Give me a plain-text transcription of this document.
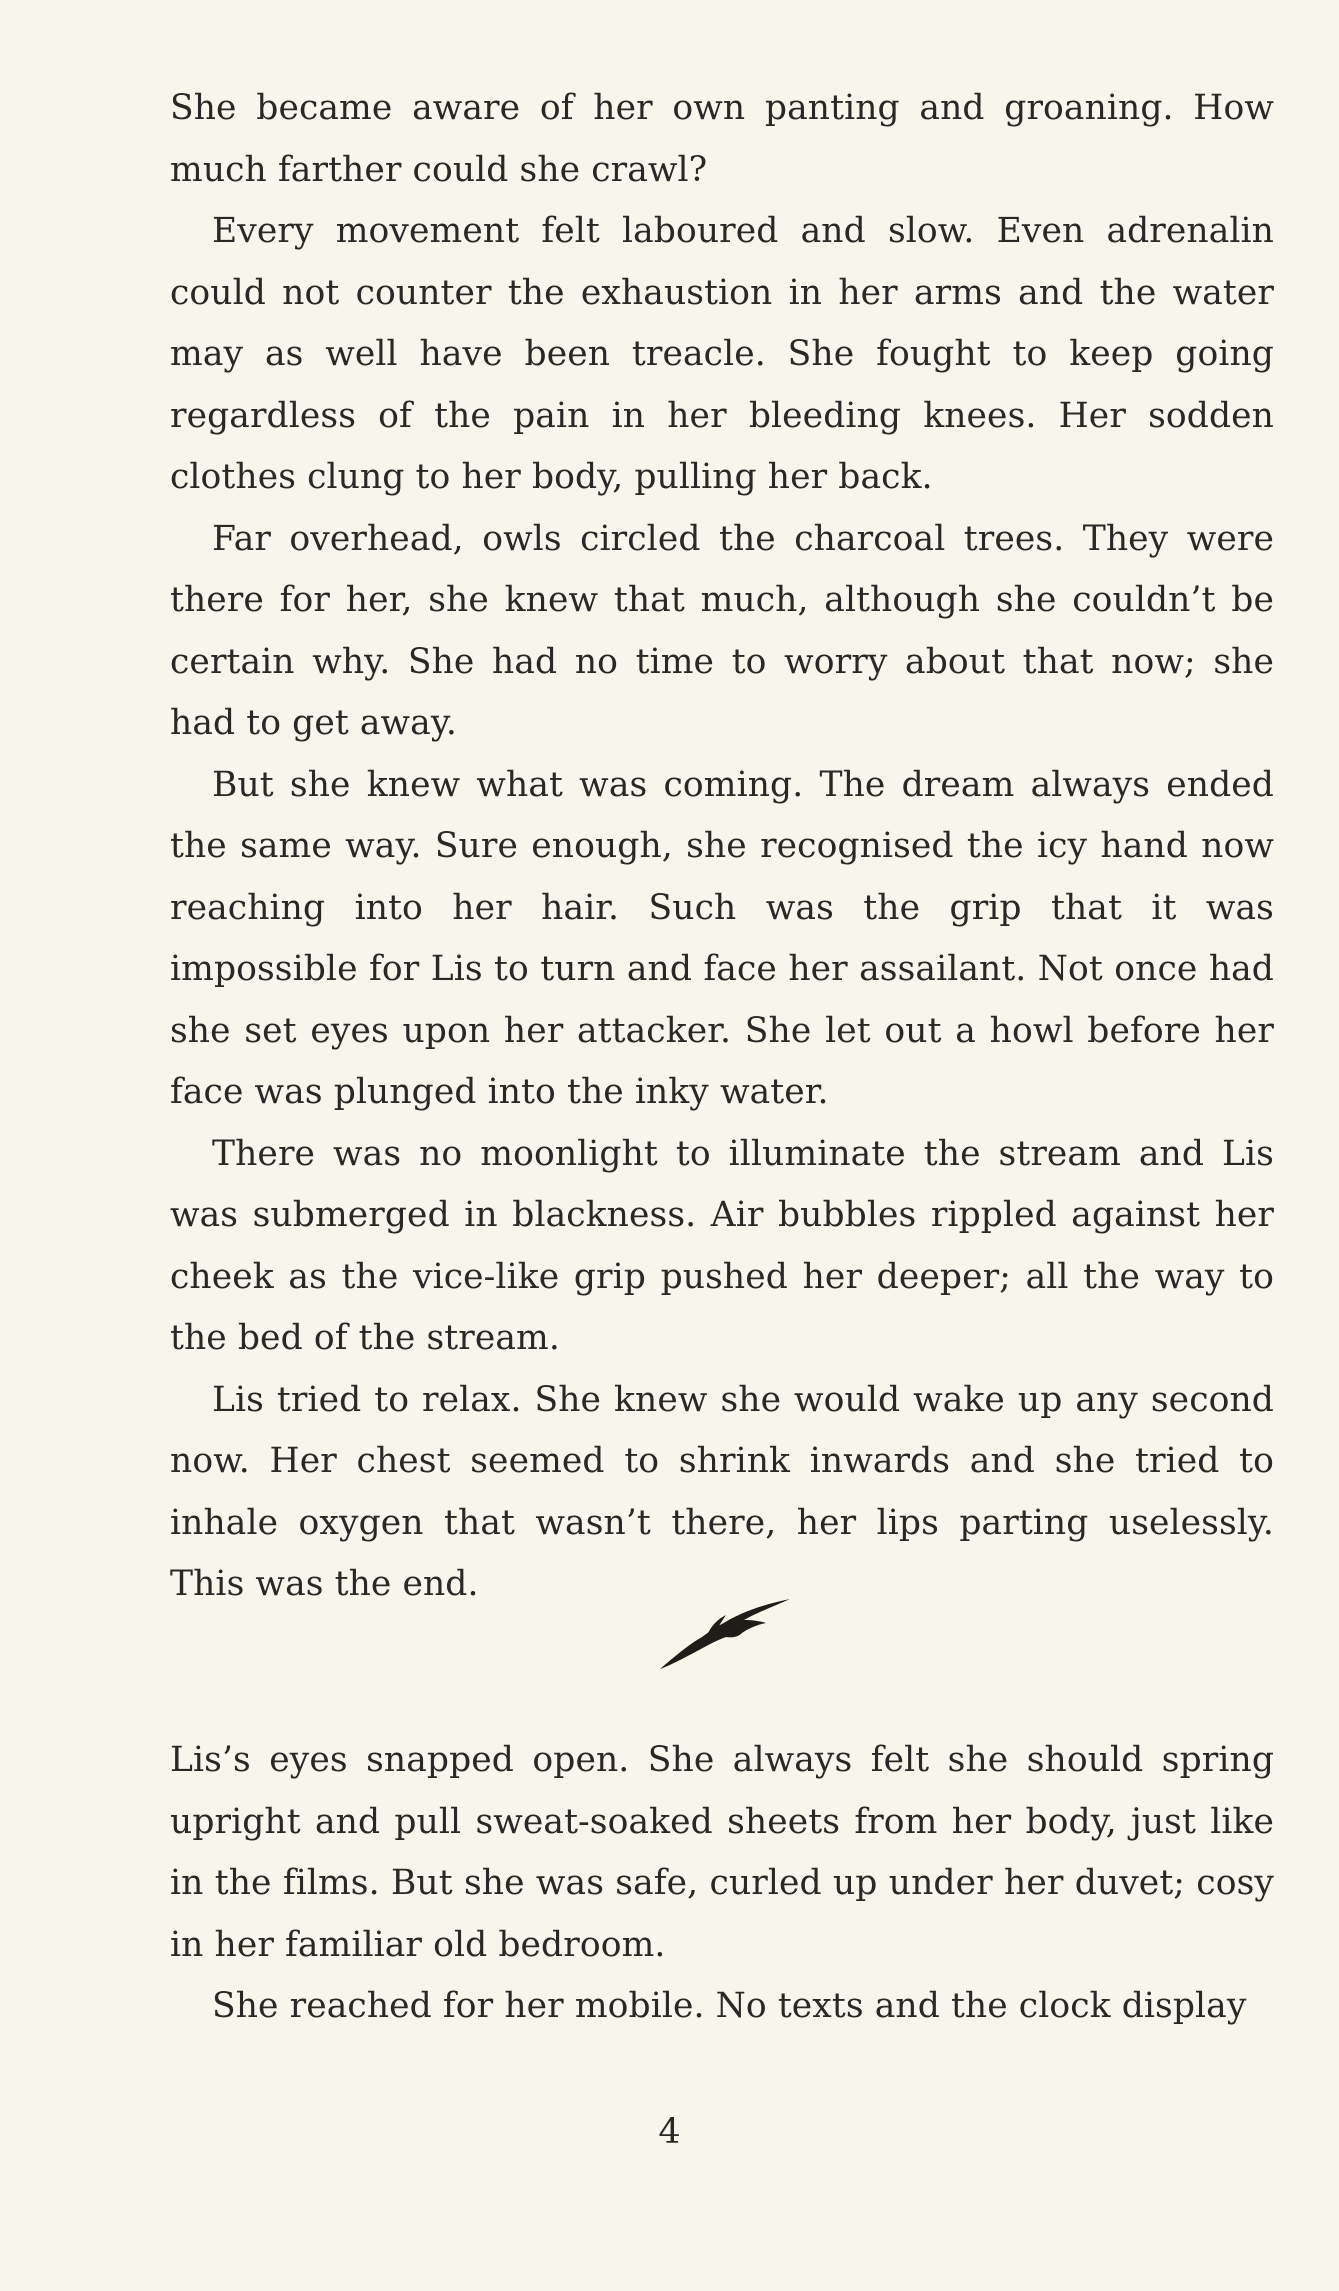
She became aware of her own panting and groaning. How much farther could she crawl?

Every movement felt laboured and slow. Even adrenalin could not counter the exhaustion in her arms and the water may as well have been treacle. She fought to keep going regardless of the pain in her bleeding knees. Her sodden clothes clung to her body, pulling her back.

Far overhead, owls circled the charcoal trees. They were there for her, she knew that much, although she couldn’t be certain why. She had no time to worry about that now; she had to get away.

But she knew what was coming. The dream always ended the same way. Sure enough, she recognised the icy hand now reaching into her hair. Such was the grip that it was impossible for Lis to turn and face her assailant. Not once had she set eyes upon her attacker. She let out a howl before her face was plunged into the inky water.

There was no moonlight to illuminate the stream and Lis was submerged in blackness. Air bubbles rippled against her cheek as the vice-like grip pushed her deeper; all the way to the bed of the stream.

Lis tried to relax. She knew she would wake up any second now. Her chest seemed to shrink inwards and she tried to inhale oxygen that wasn’t there, her lips parting uselessly. This was the end.

Lis’s eyes snapped open. She always felt she should spring upright and pull sweat-soaked sheets from her body, just like in the films. But she was safe, curled up under her duvet; cosy in her familiar old bedroom.

She reached for her mobile. No texts and the clock display

4
